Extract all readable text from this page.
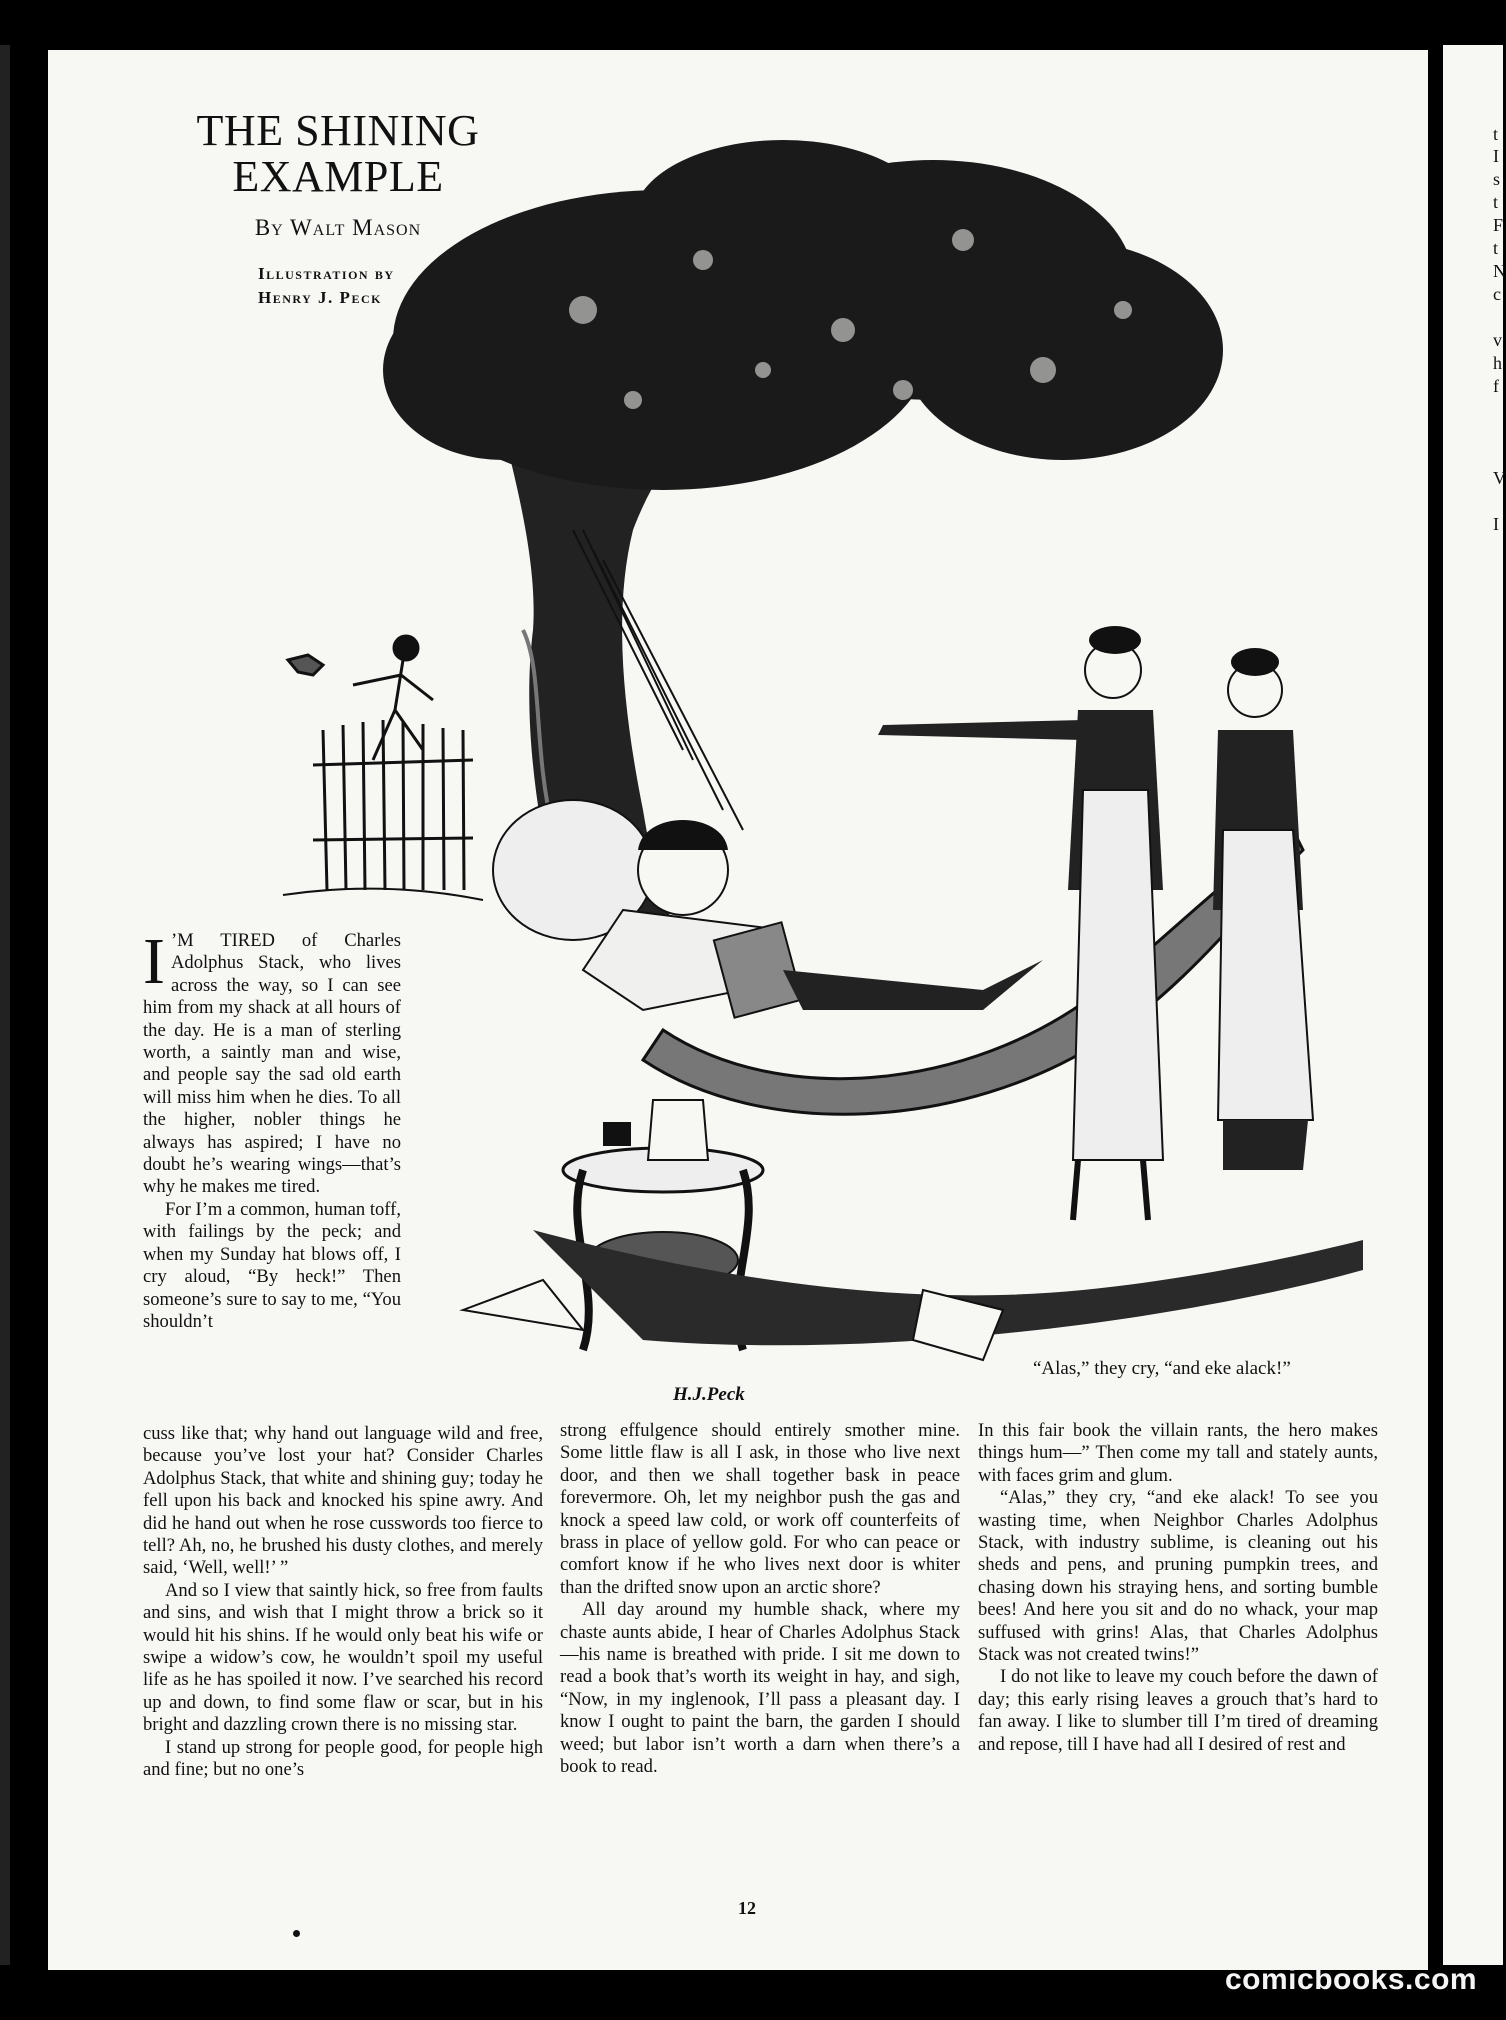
THE SHINING
EXAMPLE
By Walt Mason
Illustration by
Henry J. Peck
H.J.Peck
“Alas,” they cry, “and eke alack!”

I ’M TIRED of Charles Adolphus Stack, who lives across the way, so I can see him from my shack at all hours of the day. He is a man of sterling worth, a saintly man and wise, and people say the sad old earth will miss him when he dies. To all the higher, nobler things he always has aspired; I have no doubt he’s wearing wings—that’s why he makes me tired.

For I’m a common, human toff, with failings by the peck; and when my Sunday hat blows off, I cry aloud, “By heck!” Then someone’s sure to say to me, “You shouldn’t

cuss like that; why hand out language wild and free, because you’ve lost your hat? Consider Charles Adolphus Stack, that white and shining guy; today he fell upon his back and knocked his spine awry. And did he hand out when he rose cusswords too fierce to tell? Ah, no, he brushed his dusty clothes, and merely said, ‘Well, well!’ ”

And so I view that saintly hick, so free from faults and sins, and wish that I might throw a brick so it would hit his shins. If he would only beat his wife or swipe a widow’s cow, he wouldn’t spoil my useful life as he has spoiled it now. I’ve searched his record up and down, to find some flaw or scar, but in his bright and dazzling crown there is no missing star.

I stand up strong for people good, for people high and fine; but no one’s

strong effulgence should entirely smother mine. Some little flaw is all I ask, in those who live next door, and then we shall together bask in peace forevermore. Oh, let my neighbor push the gas and knock a speed law cold, or work off counterfeits of brass in place of yellow gold. For who can peace or comfort know if he who lives next door is whiter than the drifted snow upon an arctic shore?

All day around my humble shack, where my chaste aunts abide, I hear of Charles Adolphus Stack—his name is breathed with pride. I sit me down to read a book that’s worth its weight in hay, and sigh, “Now, in my inglenook, I’ll pass a pleasant day. I know I ought to paint the barn, the garden I should weed; but labor isn’t worth a darn when there’s a book to read.

In this fair book the villain rants, the hero makes things hum—” Then come my tall and stately aunts, with faces grim and glum.

“Alas,” they cry, “and eke alack! To see you wasting time, when Neighbor Charles Adolphus Stack, with industry sublime, is cleaning out his sheds and pens, and pruning pumpkin trees, and chasing down his straying hens, and sorting bumble bees! And here you sit and do no whack, your map suffused with grins! Alas, that Charles Adolphus Stack was not created twins!”

I do not like to leave my couch before the dawn of day; this early rising leaves a grouch that’s hard to fan away. I like to slumber till I’m tired of dreaming and repose, till I have had all I desired of rest and

12
t
I
s
t
F
t
N
c
v
h
f
V
I
comicbooks.com
